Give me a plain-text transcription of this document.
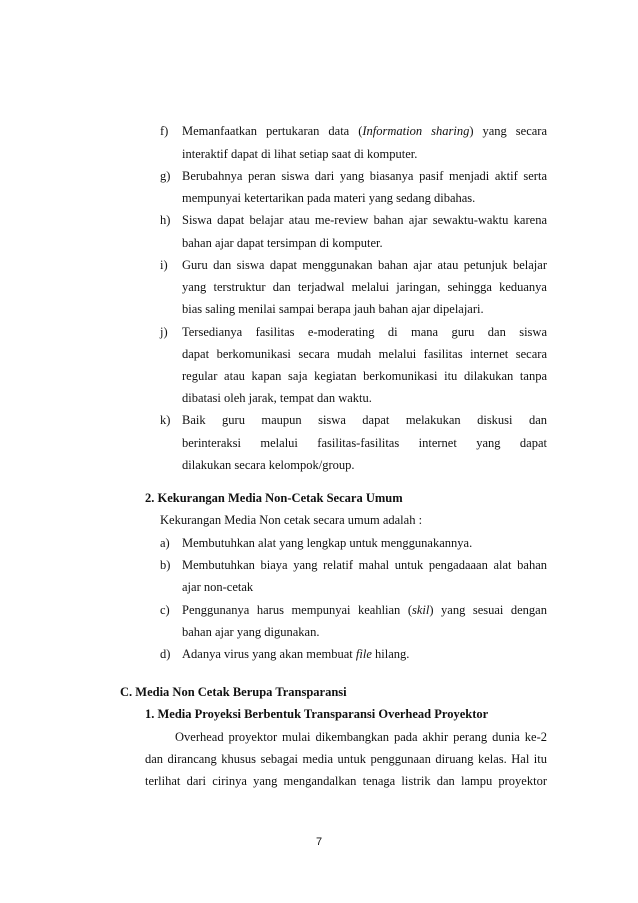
f) Memanfaatkan pertukaran data (Information sharing) yang secara
interaktif dapat di lihat setiap saat di komputer.
g) Berubahnya peran siswa dari yang biasanya pasif menjadi aktif serta
mempunyai ketertarikan pada materi yang sedang dibahas.
h) Siswa dapat belajar atau me-review bahan ajar sewaktu-waktu karena
bahan ajar dapat tersimpan di komputer.
i) Guru dan siswa dapat menggunakan bahan ajar atau petunjuk belajar
yang terstruktur dan terjadwal melalui jaringan, sehingga keduanya
bias saling menilai sampai berapa jauh bahan ajar dipelajari.
j) Tersedianya fasilitas e-moderating di mana guru dan siswa
dapat berkomunikasi secara mudah melalui fasilitas internet secara
regular atau kapan saja kegiatan berkomunikasi itu dilakukan tanpa
dibatasi oleh jarak, tempat dan waktu.
k) Baik guru maupun siswa dapat melakukan diskusi dan
berinteraksi melalui fasilitas-fasilitas internet yang dapat
dilakukan secara kelompok/group.
2. Kekurangan Media Non-Cetak Secara Umum
Kekurangan Media Non cetak secara umum adalah :
a) Membutuhkan alat yang lengkap untuk menggunakannya.
b) Membutuhkan biaya yang relatif mahal untuk pengadaaan alat bahan
ajar non-cetak
c) Penggunanya harus mempunyai keahlian (skil) yang sesuai dengan
bahan ajar yang digunakan.
d) Adanya virus yang akan membuat file hilang.
C. Media Non Cetak Berupa Transparansi
1. Media Proyeksi Berbentuk Transparansi Overhead Proyektor
Overhead proyektor mulai dikembangkan pada akhir perang dunia ke-2
dan dirancang khusus sebagai media untuk penggunaan diruang kelas. Hal itu
terlihat dari cirinya yang mengandalkan tenaga listrik dan lampu proyektor
7
